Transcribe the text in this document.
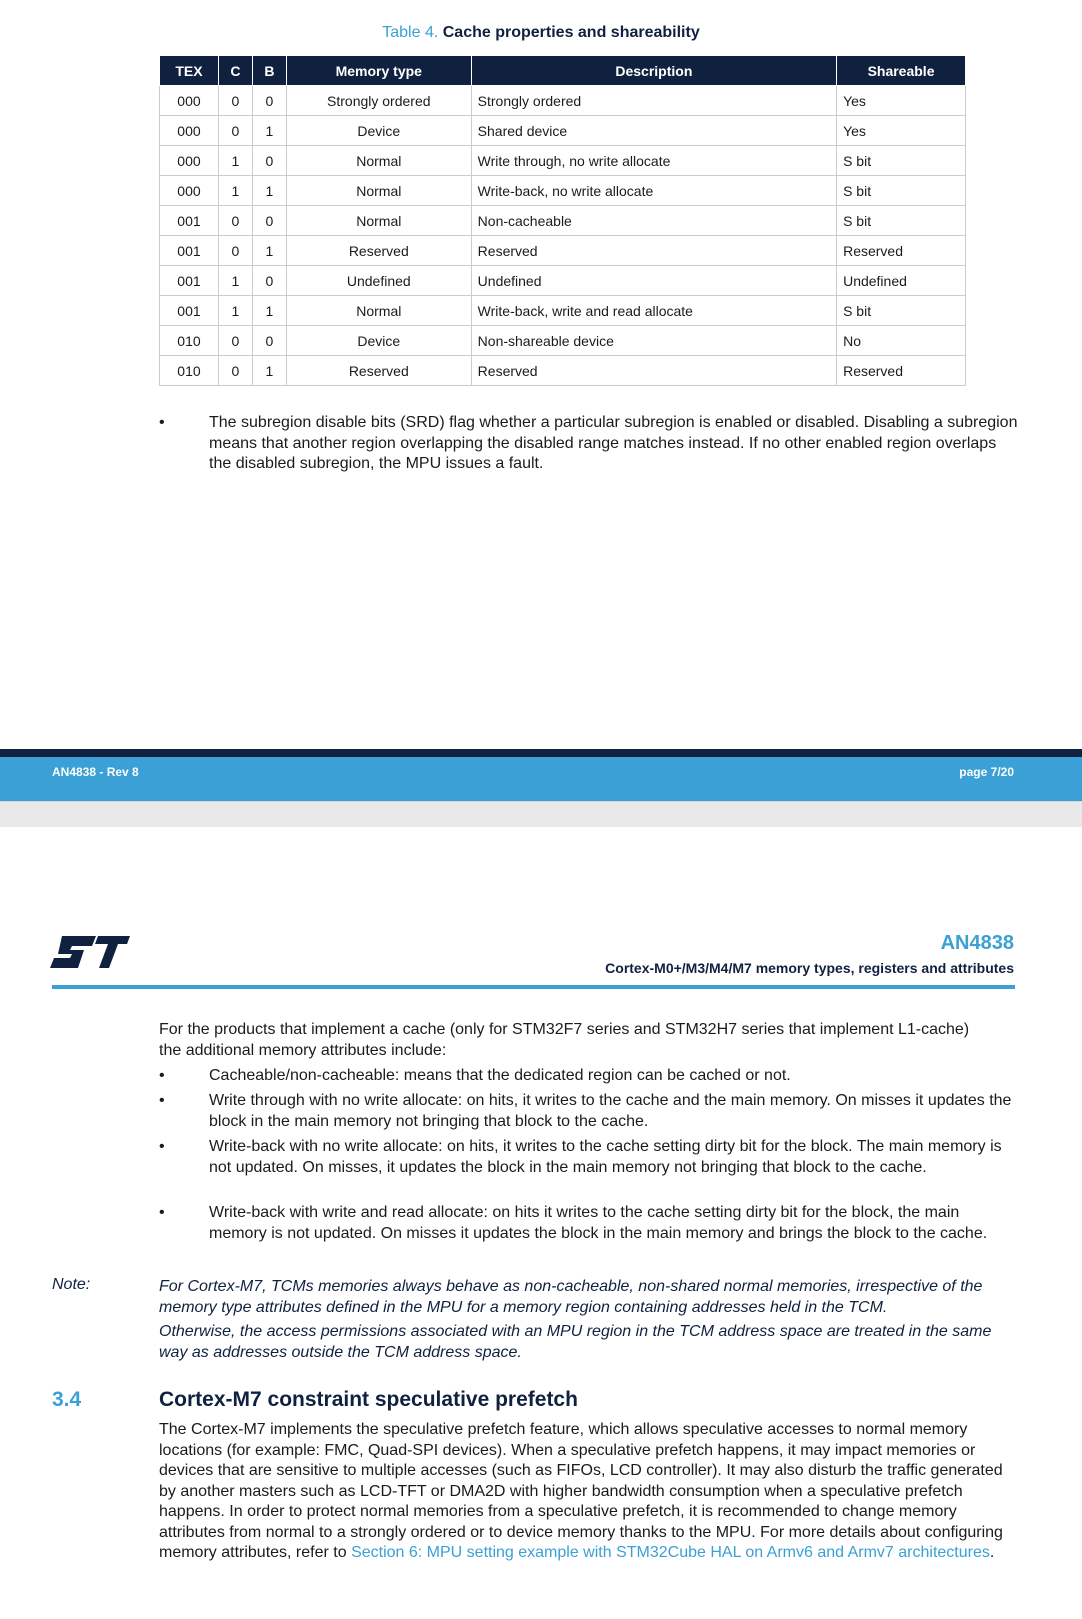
Table 4. Cache properties and shareability
TEX	C	B	Memory type	Description	Shareable
000	0	0	Strongly ordered	Strongly ordered	Yes
000	0	1	Device	Shared device	Yes
000	1	0	Normal	Write through, no write allocate	S bit
000	1	1	Normal	Write-back, no write allocate	S bit
001	0	0	Normal	Non-cacheable	S bit
001	0	1	Reserved	Reserved	Reserved
001	1	0	Undefined	Undefined	Undefined
001	1	1	Normal	Write-back, write and read allocate	S bit
010	0	0	Device	Non-shareable device	No
010	0	1	Reserved	Reserved	Reserved
•	The subregion disable bits (SRD) flag whether a particular subregion is enabled or disabled. Disabling a subregion means that another region overlapping the disabled range matches instead. If no other enabled region overlaps the disabled subregion, the MPU issues a fault.
AN4838 - Rev 8	page 7/20
AN4838
Cortex-M0+/M3/M4/M7 memory types, registers and attributes
For the products that implement a cache (only for STM32F7 series and STM32H7 series that implement L1-cache) the additional memory attributes include:
•	Cacheable/non-cacheable: means that the dedicated region can be cached or not.
•	Write through with no write allocate: on hits, it writes to the cache and the main memory. On misses it updates the block in the main memory not bringing that block to the cache.
•	Write-back with no write allocate: on hits, it writes to the cache setting dirty bit for the block. The main memory is not updated. On misses, it updates the block in the main memory not bringing that block to the cache.
•	Write-back with write and read allocate: on hits it writes to the cache setting dirty bit for the block, the main memory is not updated. On misses it updates the block in the main memory and brings the block to the cache.
Note:	For Cortex-M7, TCMs memories always behave as non-cacheable, non-shared normal memories, irrespective of the memory type attributes defined in the MPU for a memory region containing addresses held in the TCM.
Otherwise, the access permissions associated with an MPU region in the TCM address space are treated in the same way as addresses outside the TCM address space.
3.4	Cortex-M7 constraint speculative prefetch
The Cortex-M7 implements the speculative prefetch feature, which allows speculative accesses to normal memory locations (for example: FMC, Quad-SPI devices). When a speculative prefetch happens, it may impact memories or devices that are sensitive to multiple accesses (such as FIFOs, LCD controller). It may also disturb the traffic generated by another masters such as LCD-TFT or DMA2D with higher bandwidth consumption when a speculative prefetch happens. In order to protect normal memories from a speculative prefetch, it is recommended to change memory attributes from normal to a strongly ordered or to device memory thanks to the MPU. For more details about configuring memory attributes, refer to Section 6: MPU setting example with STM32Cube HAL on Armv6 and Armv7 architectures.
